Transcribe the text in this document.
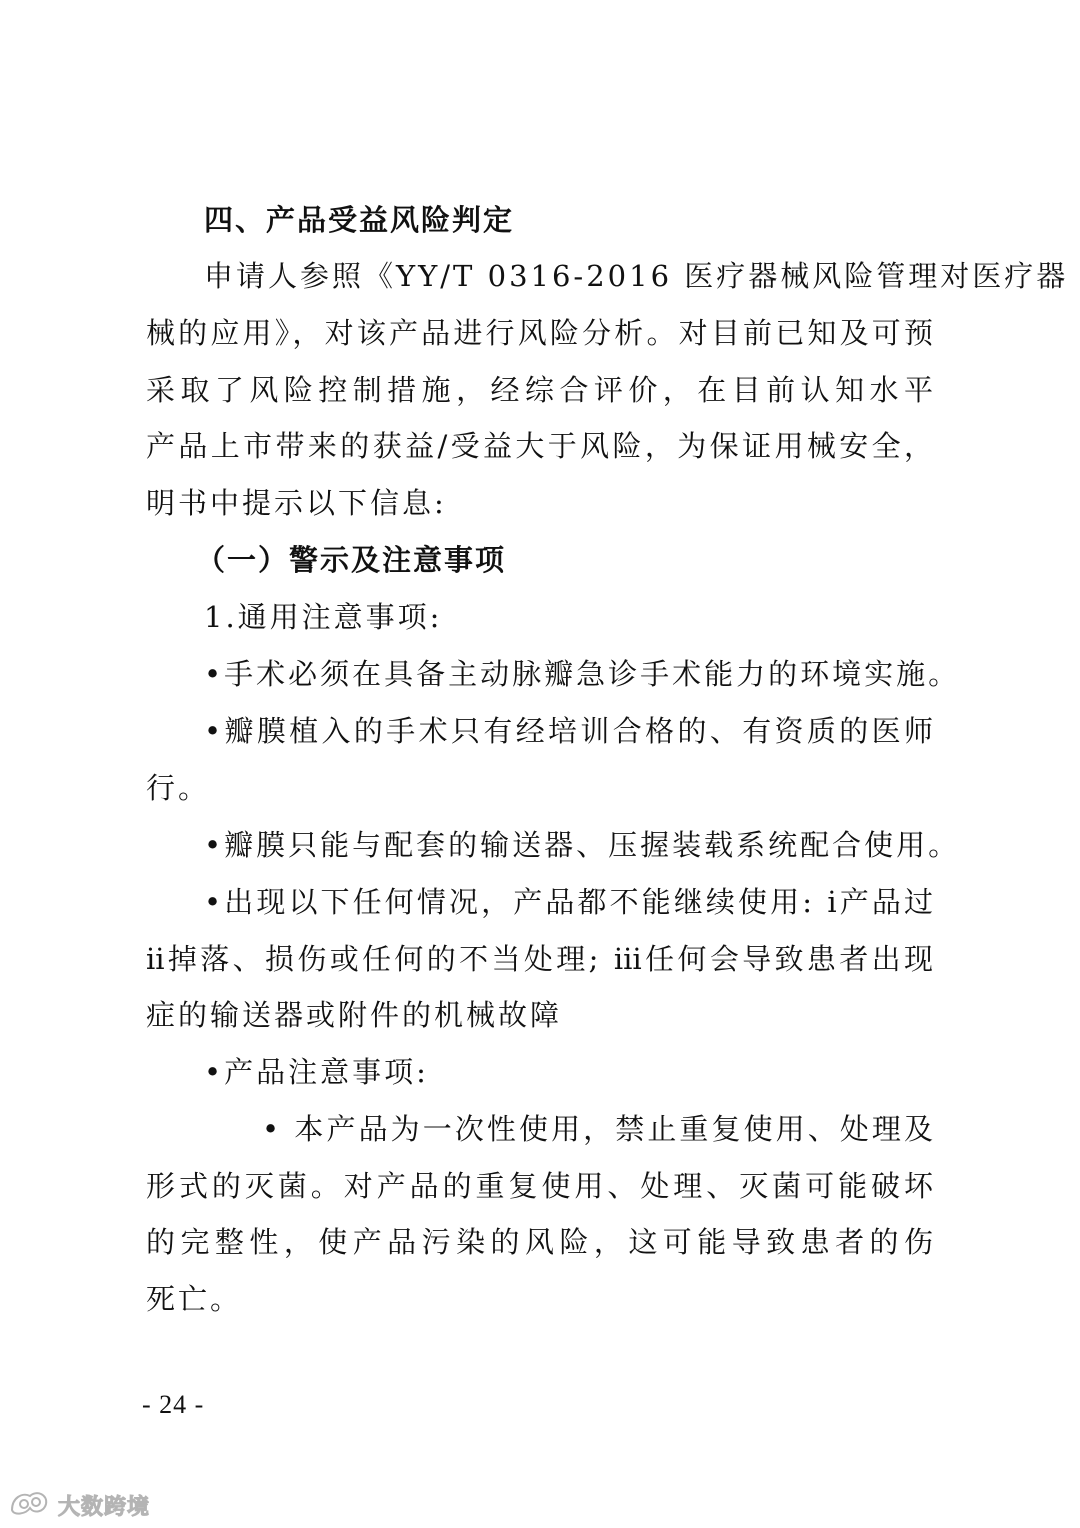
四、产品受益风险判定
申请人参照《YY/T 0316-2016 医疗器械风险管理对医疗器
械的应用》，对该产品进行风险分析。对目前已知及可预
采取了风险控制措施，经综合评价，在目前认知水平
产品上市带来的获益/受益大于风险，为保证用械安全，
明书中提示以下信息:
（一）警示及注意事项
1.通用注意事项:
•手术必须在具备主动脉瓣急诊手术能力的环境实施。
•瓣膜植入的手术只有经培训合格的、有资质的医师
行。
•瓣膜只能与配套的输送器、压握装载系统配合使用。
•出现以下任何情况，产品都不能继续使用: ⅰ产品过
ⅱ掉落、损伤或任何的不当处理; ⅲ任何会导致患者出现
症的输送器或附件的机械故障
•产品注意事项:
• 本产品为一次性使用，禁止重复使用、处理及
形式的灭菌。对产品的重复使用、处理、灭菌可能破坏
的完整性，使产品污染的风险，这可能导致患者的伤
死亡。
- 24 -
大数跨境
